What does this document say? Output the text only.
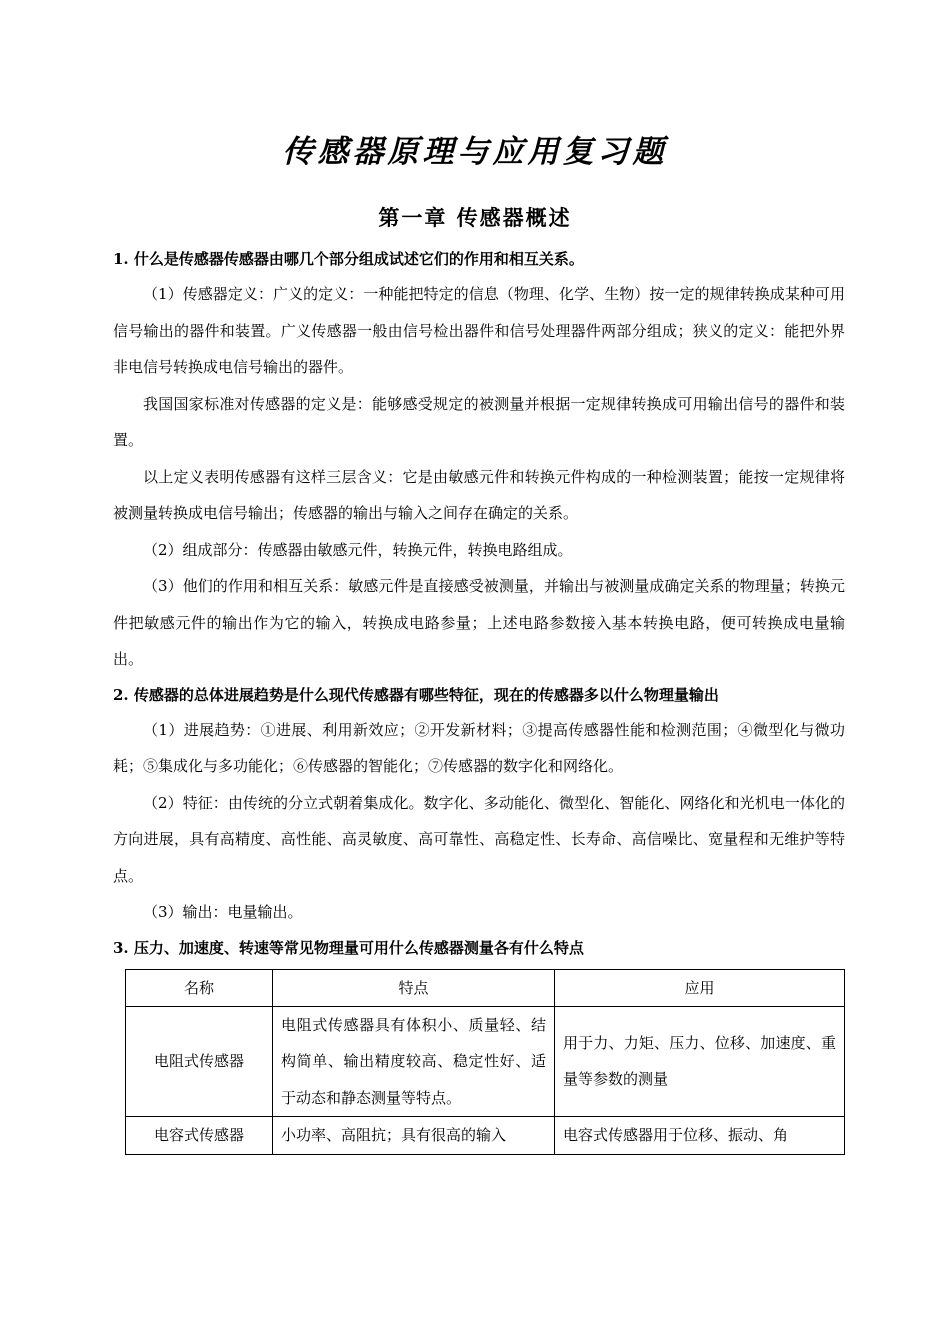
传感器原理与应用复习题
第一章 传感器概述

1. 什么是传感器传感器由哪几个部分组成试述它们的作用和相互关系。

（1）传感器定义：广义的定义：一种能把特定的信息（物理、化学、生物）按一定的规律转换成某种可用信号输出的器件和装置。广义传感器一般由信号检出器件和信号处理器件两部分组成；狭义的定义：能把外界非电信号转换成电信号输出的器件。

我国国家标准对传感器的定义是：能够感受规定的被测量并根据一定规律转换成可用输出信号的器件和装置。

以上定义表明传感器有这样三层含义：它是由敏感元件和转换元件构成的一种检测装置；能按一定规律将被测量转换成电信号输出；传感器的输出与输入之间存在确定的关系。

（2）组成部分：传感器由敏感元件，转换元件，转换电路组成。

（3）他们的作用和相互关系：敏感元件是直接感受被测量，并输出与被测量成确定关系的物理量；转换元件把敏感元件的输出作为它的输入，转换成电路参量；上述电路参数接入基本转换电路，便可转换成电量输出。

2. 传感器的总体进展趋势是什么现代传感器有哪些特征，现在的传感器多以什么物理量输出

（1）进展趋势：①进展、利用新效应；②开发新材料；③提高传感器性能和检测范围；④微型化与微功耗；⑤集成化与多功能化；⑥传感器的智能化；⑦传感器的数字化和网络化。

（2）特征：由传统的分立式朝着集成化。数字化、多动能化、微型化、智能化、网络化和光机电一体化的方向进展，具有高精度、高性能、高灵敏度、高可靠性、高稳定性、长寿命、高信噪比、宽量程和无维护等特点。

（3）输出：电量输出。

3. 压力、加速度、转速等常见物理量可用什么传感器测量各有什么特点

名称	特点	应用
电阻式传感器	电阻式传感器具有体积小、质量轻、结构简单、输出精度较高、稳定性好、适于动态和静态测量等特点。	用于力、力矩、压力、位移、加速度、重量等参数的测量
电容式传感器	小功率、高阻抗；具有很高的输入	电容式传感器用于位移、振动、角
